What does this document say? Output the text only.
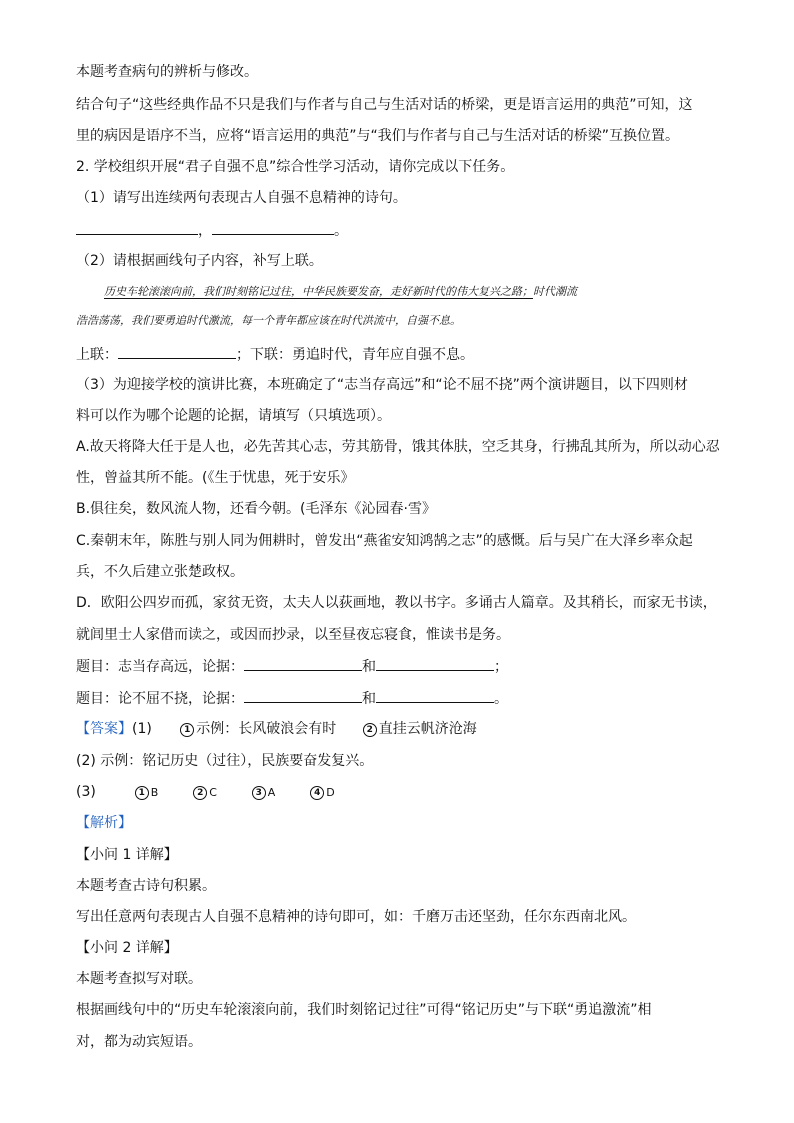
本题考查病句的辨析与修改。
结合句子“这些经典作品不只是我们与作者与自己与生活对话的桥梁，更是语言运用的典范”可知，这
里的病因是语序不当，应将“语言运用的典范”与“我们与作者与自己与生活对话的桥梁”互换位置。
2. 学校组织开展“君子自强不息”综合性学习活动，请你完成以下任务。
（1）请写出连续两句表现古人自强不息精神的诗句。
，	。
（2）请根据画线句子内容，补写上联。
历史车轮滚滚向前，我们时刻铭记过往，中华民族要发奋，走好新时代的伟大复兴之路；时代潮流
浩浩荡荡，我们要勇追时代激流，每一个青年都应该在时代洪流中，自强不息。
上联：	；下联：勇追时代，青年应自强不息。
（3）为迎接学校的演讲比赛，本班确定了“志当存高远”和“论不屈不挠”两个演讲题目，以下四则材
料可以作为哪个论题的论据，请填写（只填选项）。
A.故天将降大任于是人也，必先苦其心志，劳其筋骨，饿其体肤，空乏其身，行拂乱其所为，所以动心忍
性，曾益其所不能。(《生于忧患，死于安乐》
B.俱往矣，数风流人物，还看今朝。(毛泽东《沁园春·雪》
C.秦朝末年，陈胜与别人同为佣耕时，曾发出“燕雀安知鸿鹄之志”的感慨。后与吴广在大泽乡率众起
兵，不久后建立张楚政权。
D．欧阳公四岁而孤，家贫无资，太夫人以荻画地，教以书字。多诵古人篇章。及其稍长，而家无书读，
就闾里士人家借而读之，或因而抄录，以至昼夜忘寝食，惟读书是务。
题目：志当存高远，论据：	和	；
题目：论不屈不挠，论据：	和	。
【答案】(1)	1 示例：长风破浪会有时	2 直挂云帆济沧海
(2) 示例：铭记历史（过往），民族要奋发复兴。
(3)	1 B	2 C	3 A	4 D
【解析】
【小问 1 详解】
本题考查古诗句积累。
写出任意两句表现古人自强不息精神的诗句即可，如：千磨万击还坚劲，任尔东西南北风。
【小问 2 详解】
本题考查拟写对联。
根据画线句中的“历史车轮滚滚向前，我们时刻铭记过往”可得“铭记历史”与下联“勇追激流”相
对，都为动宾短语。
